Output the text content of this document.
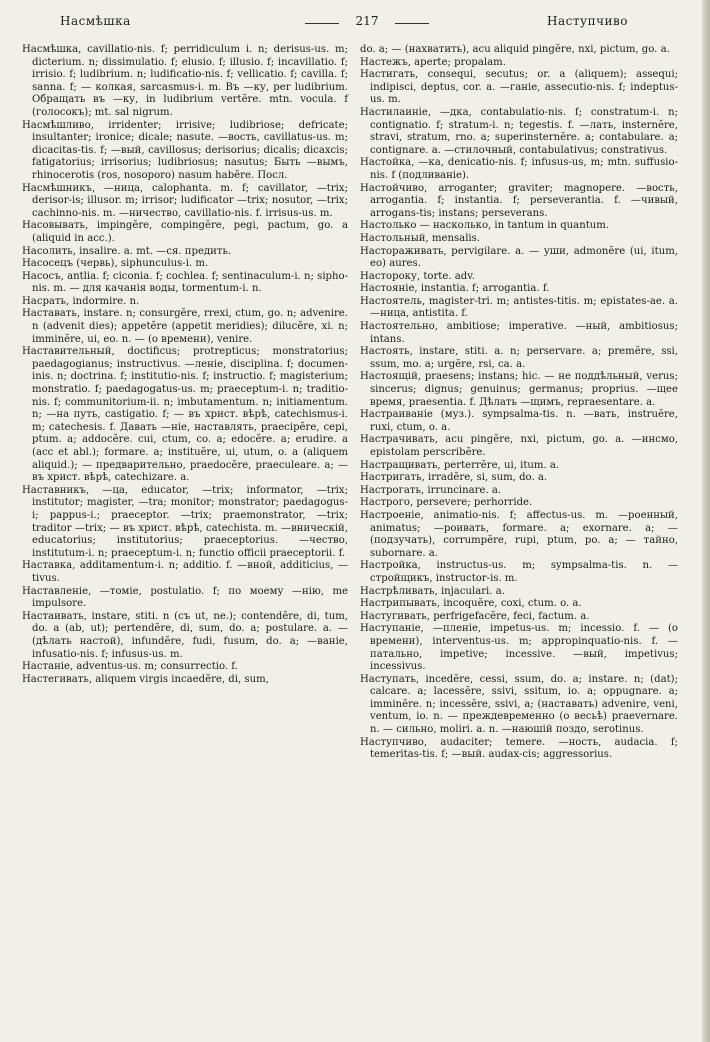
Насмѣшка	217	Наступчиво

Насмѣшка, cavillatio-nis. f; perridiculum i. n; derisus-us. m; dicterium. n; dissimulatio. f; elusio. f; illusio. f; incavillatio. f; irrisio. f; ludibrium. n; ludificatio-nis. f; vellicatio. f; cavilla. f; sanna. f; — колкая, sarcasmus-i. m. Въ —ку, per ludibrium. Обращать въ —ку, in ludibrium vertĕre. mtn. vocula. f (голосокъ); mt. sal nigrum.

Насмѣшливо, irridenter; irrisive; ludibriose; defricate; insultanter; ironice; dicale; nasute. —вость, cavillatus-us. m; dicacitas-tis. f; —вый, cavillosus; derisorius; dicalis; dicaxcis; fatigatorius; irrisorius; ludibriosus; nasutus; Быть —вымъ, rhinocerotis (ros, nosoporo) nasum habĕre. Посл.

Насмѣшникъ, —ница, calophanta. m. f; cavillator, —trix; derisor-is; illusor. m; irrisor; ludificator —trix; nosutor, —trix; cachinno-nis. m. —ничество, cavillatio-nis. f. irrisus-us. m.

Насовывать, impingĕre, compingĕre, pegi, pactum, go. a (aliquid in acc.).

Насолить, insalire. a. mt. —ся. предить.

Насосецъ (червь), siphunculus-i. m.

Насосъ, antlia. f; ciconia. f; cochlea. f; sentinaculum-i. n; sipho-nis. m. — для качанія воды, tormentum-i. n.

Насрать, indormire. n.

Наставать, instare. n; consurgĕre, rrexi, ctum, go. n; advenire. n (advenit dies); appetĕre (appetit meridies); dilucĕre, xi. n; imminĕre, ui, eo. n. — (о времени), venire.

Наставительный, doctificus; protrepticus; monstratorius; paedagogianus; instructivus. —леніе, disciplina. f; documen-inis. n; doctrina. f; institutio-nis. f; instructio. f; magisterium; monstratio. f; paedagogatus-us. m; praeceptum-i. n; traditio-nis. f; communitorium-ii. n; imbutamentum. n; initiamentum. n; —на путь, castigatio. f; — въ христ. вѣрѣ, catechismus-i. m; catechesis. f. Давать —ніе, наставлять, praecipĕre, cepi, ptum. a; addocĕre. cui, ctum, co. a; edocĕre. a; erudire. a (acc et abl.); formare. a; instituĕre, ui, utum, o. a (aliquem aliquid.); — предварительно, praedocĕre, praeculeare. a; — въ христ. вѣрѣ, catechizare. a.

Наставникъ, —ца, educator, —trix; informator, —trix; institutor; magister, —tra; monitor; monstrator; paedagogus-i; pappus-i.; praeceptor. —trix; praemonstrator, —trix; traditor —trix; — въ христ. вѣрѣ, catechista. m. —вническій, educatorius; institutorius; praeceptorius. —чество, institutum-i. n; praeceptum-i. n; functio officii praeceptorii. f.

Наставка, additamentum-i. n; additio. f. —вной, additicius, —tivus.

Наставленіе, —томіе, postulatio. f; по моему —нію, me impulsore.

Настаивать, instare, stiti. n (съ ut, ne.); contendĕre, di, tum, do. a (ab, ut); pertendĕre, di, sum, do. a; postulare. a. —(дѣлать настой), infundĕre, fudi, fusum, do. a; —ваніе, infusatio-nis. f; infusus-us. m.

Настаніе, adventus-us. m; consurrectio. f.

Настегивать, aliquem virgis incaedĕre, di, sum,

do. a; — (нахватить), acu aliquid pingĕre, nxi, pictum, go. a.

Настежъ, aperte; propalam.

Настигать, consequi, secutus; or. a (aliquem); assequi; indipisci, deptus, cor. a. —ганіе, assecutio-nis. f; indeptus-us. m.

Настилаиніе, —дка, contabulatio-nis. f; constratum-i. n; contignatio. f; stratum-i. n; tegestis. f. —лать, insternĕre, stravi, stratum, rno. a; superinsternĕre. a; contabulare. a; contignare. a. —стилочный, contabulativus; constrativus.

Настойка, —ка, denicatio-nis. f; infusus-us, m; mtn. suffusio-nis. f (подливаніе).

Настойчиво, arroganter; graviter; magnopere. —вость, arrogantia. f; instantia. f; perseverantia. f. —чивый, arrogans-tis; instans; perseverans.

Настолько — насколько, in tantum in quantum.

Настольный, mensalis.

Настораживать, pervigilare. a. — уши, admonĕre (ui, itum, eo) aures.

Настороку, torte. adv.

Настояніе, instantia. f; arrogantia. f.

Настоятель, magister-tri. m; antistes-titis. m; epistates-ae. a. —ница, antistita. f.

Настоятельно, ambitiose; imperative. —ный, ambitiosus; intans.

Настоять, instare, stiti. a. n; perservare. a; premĕre, ssi, ssum, mo. a; urgĕre, rsi, ca. a.

Настоящій, praesens; instans; hic. — не поддѣльный, verus; sincerus; dignus; genuinus; germanus; proprius. —щее время, praesentia. f. Дѣлать —щимъ, repraesentare. a.

Настраиваніе (муз.). sympsalma-tis. n. —вать, instruĕre, ruxi, ctum, o. a.

Настрачивать, acu pingĕre, nxi, pictum, go. a. —инсмо, epistolam perscribĕre.

Настращивать, perterrĕre, ui, itum. a.

Настригать, irradĕre, si, sum, do. a.

Настрогать, irruncinare. a.

Настрого, persevere; perhorride.

Настроеніе, animatio-nis. f; affectus-us. m. —роенный, animatus; —роивать, formare. a; exornare. a; — (подзучать), corrumpĕre, rupi, ptum, po. a; — тайно, subornare. a.

Настройка, instructus-us. m; sympsalma-tis. n. —стройщикъ, instructor-is. m.

Настрѣливать, injaculari. a.

Настрипывать, incoquĕre, coxi, ctum. o. a.

Настугивать, perfrigefacĕre, feci, factum. a.

Наступаніе, —пленіе, impetus-us. m; incessio. f. — (о времени), interventus-us. m; appropinquatio-nis. f. —патально, impetive; incessive. —вый, impetivus; incessivus.

Наступать, incedĕre, cessi, ssum, do. a; instare. n; (dat); calcare. a; lacessĕre, ssivi, ssitum, io. a; oppugnare. a; imminĕre. n; incessĕre, ssivi, a; (наставать) advenire, veni, ventum, io. n. — преждевременно (о весьѣ) praevernare. n. — сильно, moliri. a. n. —наюшій поздо, serotinus.

Наступчиво, audaciter; temere. —ность, audacia. f; temeritas-tis. f; —вый. audax-cis; aggressorius.
